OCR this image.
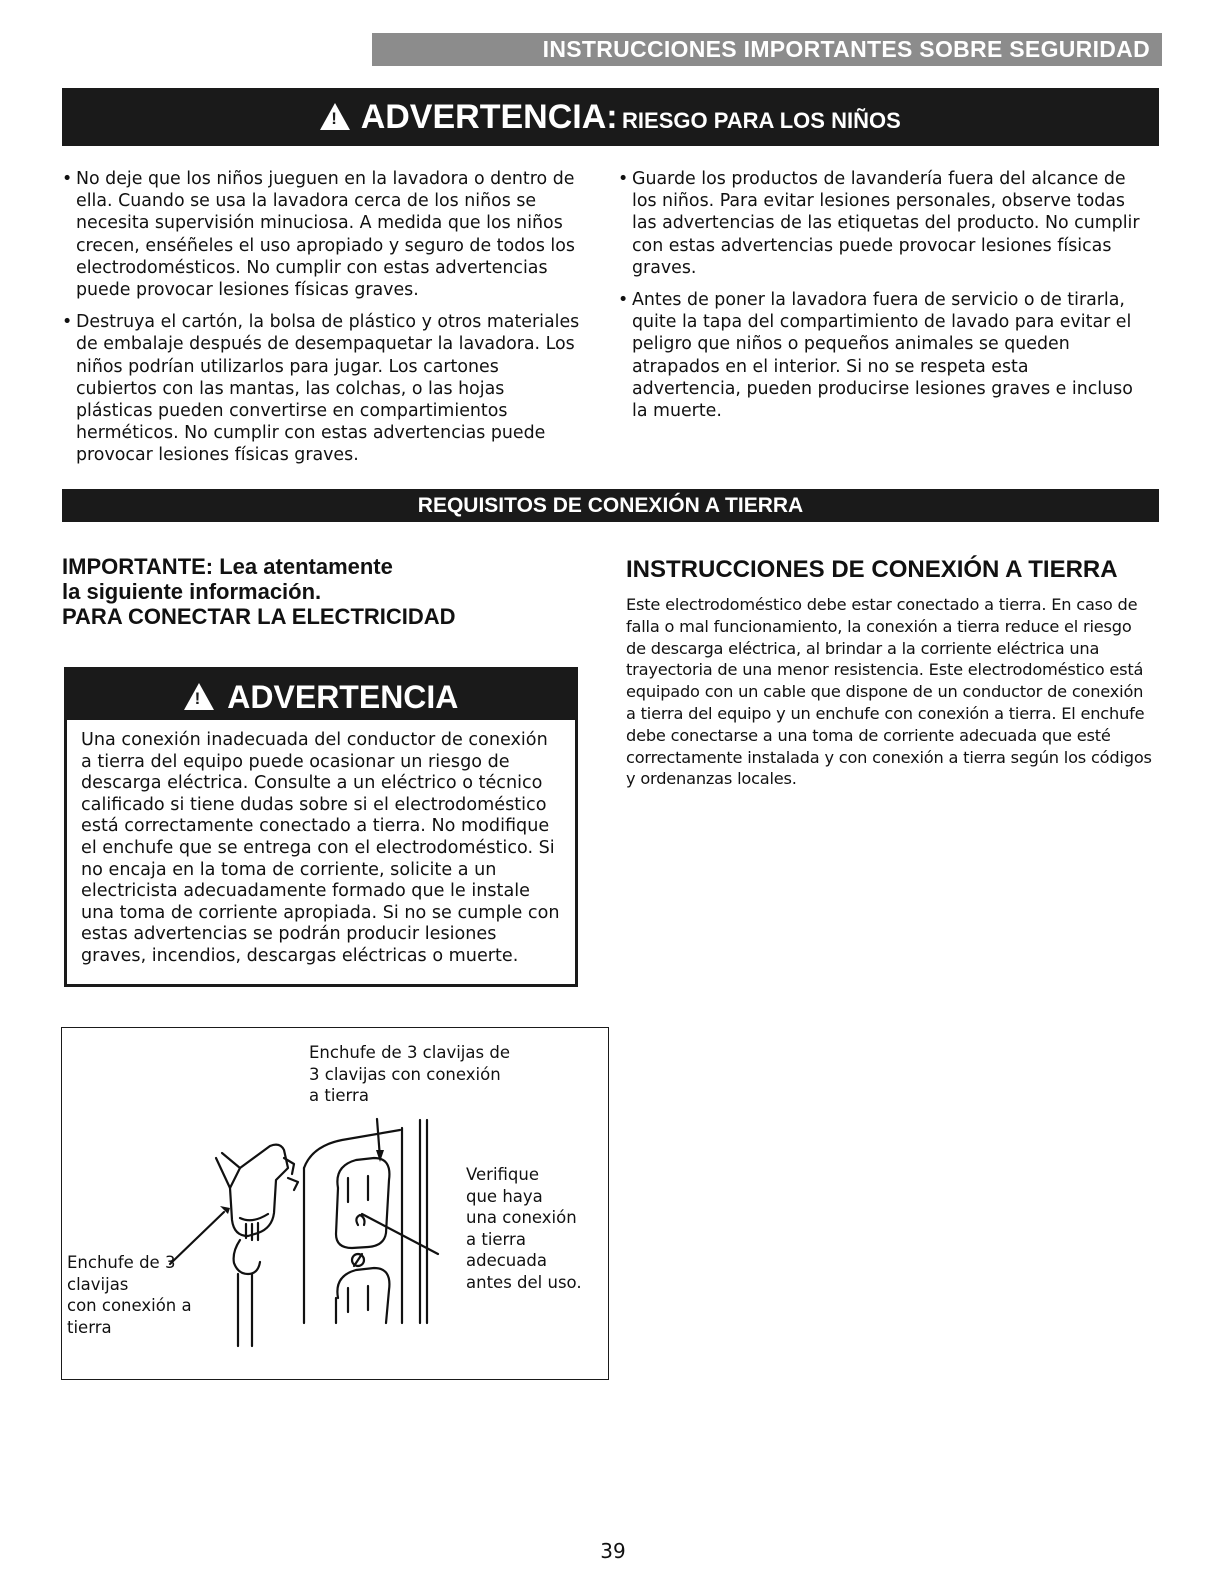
INSTRUCCIONES IMPORTANTES SOBRE SEGURIDAD
! ADVERTENCIA: RIESGO PARA LOS NIÑOS
• No deje que los niños jueguen en la lavadora o dentro de ella. Cuando se usa la lavadora cerca de los niños se necesita supervisión minuciosa. A medida que los niños crecen, enséñeles el uso apropiado y seguro de todos los electrodomésticos. No cumplir con estas advertencias puede provocar lesiones físicas graves.
• Destruya el cartón, la bolsa de plástico y otros materiales de embalaje después de desempaquetar la lavadora. Los niños podrían utilizarlos para jugar. Los cartones cubiertos con las mantas, las colchas, o las hojas plásticas pueden convertirse en compartimientos herméticos. No cumplir con estas advertencias puede provocar lesiones físicas graves.
• Guarde los productos de lavandería fuera del alcance de los niños. Para evitar lesiones personales, observe todas las advertencias de las etiquetas del producto. No cumplir con estas advertencias puede provocar lesiones físicas graves.
• Antes de poner la lavadora fuera de servicio o de tirarla, quite la tapa del compartimiento de lavado para evitar el peligro que niños o pequeños animales se queden atrapados en el interior. Si no se respeta esta advertencia, pueden producirse lesiones graves e incluso la muerte.
REQUISITOS DE CONEXIÓN A TIERRA
IMPORTANTE: Lea atentamente
la siguiente información.
PARA CONECTAR LA ELECTRICIDAD
! ADVERTENCIA
Una conexión inadecuada del conductor de conexión a tierra del equipo puede ocasionar un riesgo de descarga eléctrica. Consulte a un eléctrico o técnico calificado si tiene dudas sobre si el electrodoméstico está correctamente conectado a tierra. No modifique el enchufe que se entrega con el electrodoméstico. Si no encaja en la toma de corriente, solicite a un electricista adecuadamente formado que le instale una toma de corriente apropiada. Si no se cumple con estas advertencias se podrán producir lesiones graves, incendios, descargas eléctricas o muerte.
INSTRUCCIONES DE CONEXIÓN A TIERRA
Este electrodoméstico debe estar conectado a tierra. En caso de falla o mal funcionamiento, la conexión a tierra reduce el riesgo de descarga eléctrica, al brindar a la corriente eléctrica una trayectoria de una menor resistencia. Este electrodoméstico está equipado con un cable que dispone de un conductor de conexión a tierra del equipo y un enchufe con conexión a tierra. El enchufe debe conectarse a una toma de corriente adecuada que esté correctamente instalada y con conexión a tierra según los códigos y ordenanzas locales.
Enchufe de 3 clavijas de
3 clavijas con conexión
a tierra
Enchufe de 3
clavijas
con conexión a
tierra
Verifique
que haya
una conexión
a tierra
adecuada
antes del uso.
39
